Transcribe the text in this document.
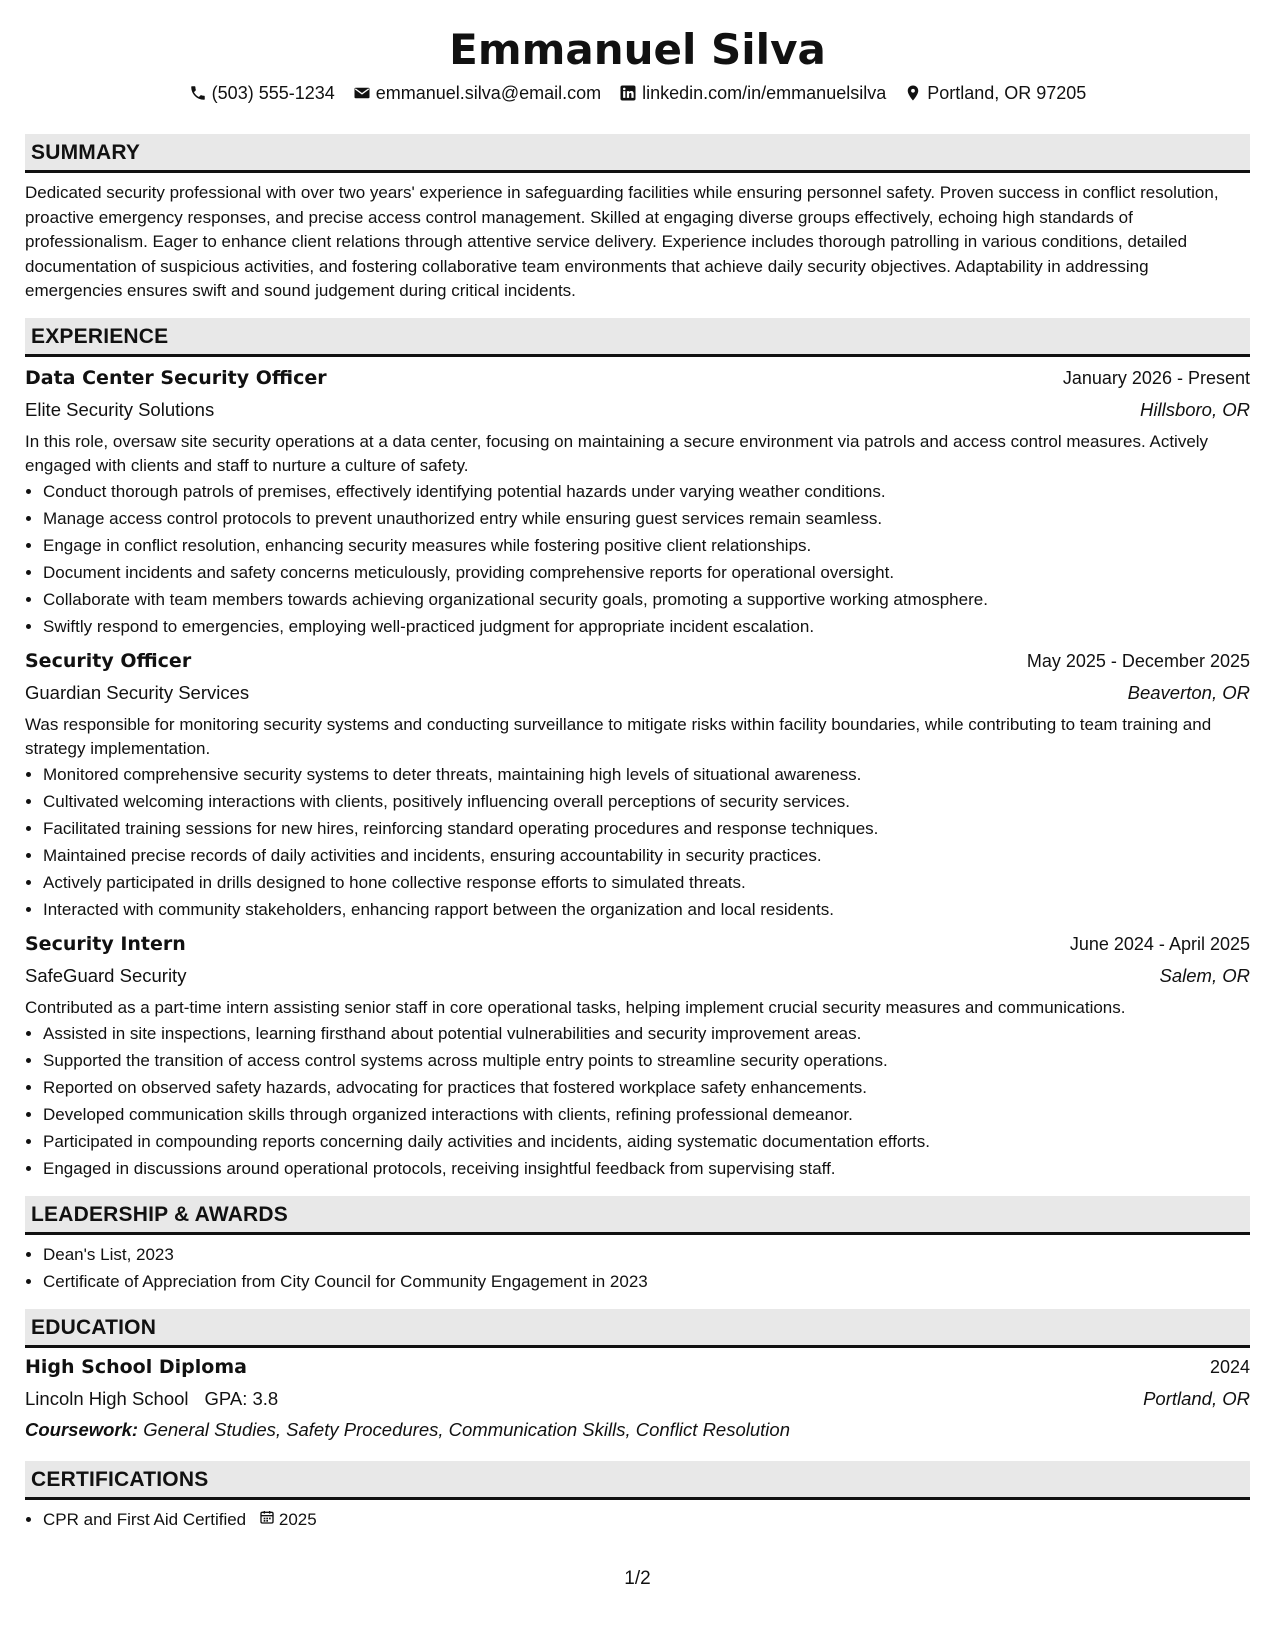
Emmanuel Silva
(503) 555-1234 emmanuel.silva@email.com linkedin.com/in/emmanuelsilva Portland, OR 97205
SUMMARY
Dedicated security professional with over two years' experience in safeguarding facilities while ensuring personnel safety. Proven success in conflict resolution, proactive emergency responses, and precise access control management. Skilled at engaging diverse groups effectively, echoing high standards of professionalism. Eager to enhance client relations through attentive service delivery. Experience includes thorough patrolling in various conditions, detailed documentation of suspicious activities, and fostering collaborative team environments that achieve daily security objectives. Adaptability in addressing emergencies ensures swift and sound judgement during critical incidents.
EXPERIENCE
Data Center Security Officer	January 2026 - Present
Elite Security Solutions	Hillsboro, OR
In this role, oversaw site security operations at a data center, focusing on maintaining a secure environment via patrols and access control measures. Actively engaged with clients and staff to nurture a culture of safety.
• Conduct thorough patrols of premises, effectively identifying potential hazards under varying weather conditions.
• Manage access control protocols to prevent unauthorized entry while ensuring guest services remain seamless.
• Engage in conflict resolution, enhancing security measures while fostering positive client relationships.
• Document incidents and safety concerns meticulously, providing comprehensive reports for operational oversight.
• Collaborate with team members towards achieving organizational security goals, promoting a supportive working atmosphere.
• Swiftly respond to emergencies, employing well-practiced judgment for appropriate incident escalation.
Security Officer	May 2025 - December 2025
Guardian Security Services	Beaverton, OR
Was responsible for monitoring security systems and conducting surveillance to mitigate risks within facility boundaries, while contributing to team training and strategy implementation.
• Monitored comprehensive security systems to deter threats, maintaining high levels of situational awareness.
• Cultivated welcoming interactions with clients, positively influencing overall perceptions of security services.
• Facilitated training sessions for new hires, reinforcing standard operating procedures and response techniques.
• Maintained precise records of daily activities and incidents, ensuring accountability in security practices.
• Actively participated in drills designed to hone collective response efforts to simulated threats.
• Interacted with community stakeholders, enhancing rapport between the organization and local residents.
Security Intern	June 2024 - April 2025
SafeGuard Security	Salem, OR
Contributed as a part-time intern assisting senior staff in core operational tasks, helping implement crucial security measures and communications.
• Assisted in site inspections, learning firsthand about potential vulnerabilities and security improvement areas.
• Supported the transition of access control systems across multiple entry points to streamline security operations.
• Reported on observed safety hazards, advocating for practices that fostered workplace safety enhancements.
• Developed communication skills through organized interactions with clients, refining professional demeanor.
• Participated in compounding reports concerning daily activities and incidents, aiding systematic documentation efforts.
• Engaged in discussions around operational protocols, receiving insightful feedback from supervising staff.
LEADERSHIP & AWARDS
• Dean's List, 2023
• Certificate of Appreciation from City Council for Community Engagement in 2023
EDUCATION
High School Diploma	2024
Lincoln High School GPA: 3.8	Portland, OR
Coursework: General Studies, Safety Procedures, Communication Skills, Conflict Resolution
CERTIFICATIONS
• CPR and First Aid Certified 2025
1/2
